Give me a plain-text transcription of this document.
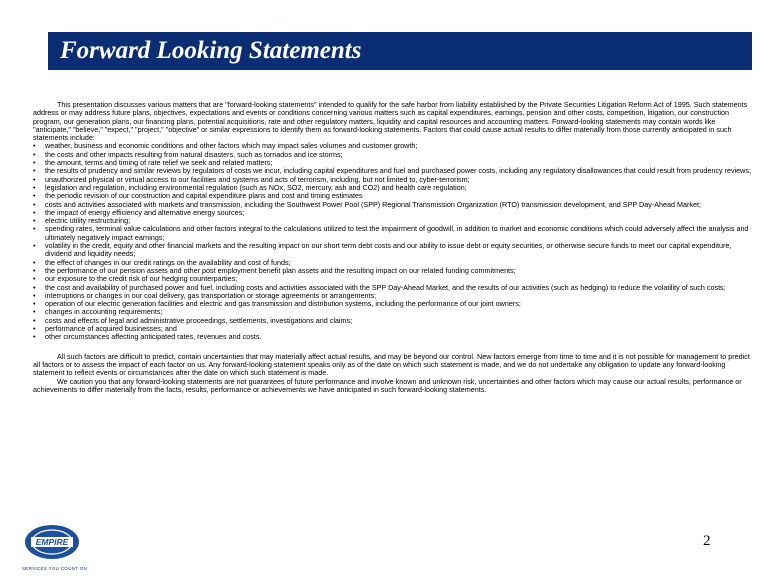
Forward Looking Statements

This presentation discusses various matters that are "forward-looking statements" intended to qualify for the safe harbor from liability established by the Private Securities Litigation Reform Act of 1995. Such statements address or may address future plans, objectives, expectations and events or conditions concerning various matters such as capital expenditures, earnings, pension and other costs, competition, litigation, our construction program, our generation plans, our financing plans, potential acquisitions, rate and other regulatory matters, liquidity and capital resources and accounting matters. Forward-looking statements may contain words like "anticipate," "believe," "expect," "project," "objective" or similar expressions to identify them as forward-looking statements. Factors that could cause actual results to differ materially from those currently anticipated in such statements include:

• weather, business and economic conditions and other factors which may impact sales volumes and customer growth;
• the costs and other impacts resulting from natural disasters, such as tornados and ice storms;
• the amount, terms and timing of rate relief we seek and related matters;
• the results of prudency and similar reviews by regulators of costs we incur, including capital expenditures and fuel and purchased power costs, including any regulatory disallowances that could result from prudency reviews;
• unauthorized physical or virtual access to our facilities and systems and acts of terrorism, including, but not limited to, cyber-terrorism;
• legislation and regulation, including environmental regulation (such as NOx, SO2, mercury, ash and CO2) and health care regulation;
• the periodic revision of our construction and capital expenditure plans and cost and timing estimates
• costs and activities associated with markets and transmission, including the Southwest Power Pool (SPP) Regional Transmission Organization (RTO) transmission development, and SPP Day-Ahead Market;
• the impact of energy efficiency and alternative energy sources;
• electric utility restructuring;
• spending rates, terminal value calculations and other factors integral to the calculations utilized to test the impairment of goodwill, in addition to market and economic conditions which could adversely affect the analysis and ultimately negatively impact earnings;
• volatility in the credit, equity and other financial markets and the resulting impact on our short term debt costs and our ability to issue debt or equity securities, or otherwise secure funds to meet our capital expenditure, dividend and liquidity needs;
• the effect of changes in our credit ratings on the availability and cost of funds;
• the performance of our pension assets and other post employment benefit plan assets and the resulting impact on our related funding commitments;
• our exposure to the credit risk of our hedging counterparties;
• the cost and availability of purchased power and fuel, including costs and activities associated with the SPP Day-Ahead Market, and the results of our activities (such as hedging) to reduce the volatility of such costs;
• interruptions or changes in our coal delivery, gas transportation or storage agreements or arrangements;
• operation of our electric generation facilities and electric and gas transmission and distribution systems, including the performance of our joint owners;
• changes in accounting requirements;
• costs and effects of legal and administrative proceedings, settlements, investigations and claims;
• performance of acquired businesses; and
• other circumstances affecting anticipated rates, revenues and costs.

All such factors are difficult to predict, contain uncertainties that may materially affect actual results, and may be beyond our control. New factors emerge from time to time and it is not possible for management to predict all factors or to assess the impact of each factor on us. Any forward-looking statement speaks only as of the date on which such statement is made, and we do not undertake any obligation to update any forward-looking statement to reflect events or circumstances after the date on which such statement is made.

We caution you that any forward-looking statements are not guarantees of future performance and involve known and unknown risk, uncertainties and other factors which may cause our actual results, performance or achievements to differ materially from the facts, results, performance or achievements we have anticipated in such forward-looking statements.

EMPIRE
SERVICES YOU COUNT ON
2
